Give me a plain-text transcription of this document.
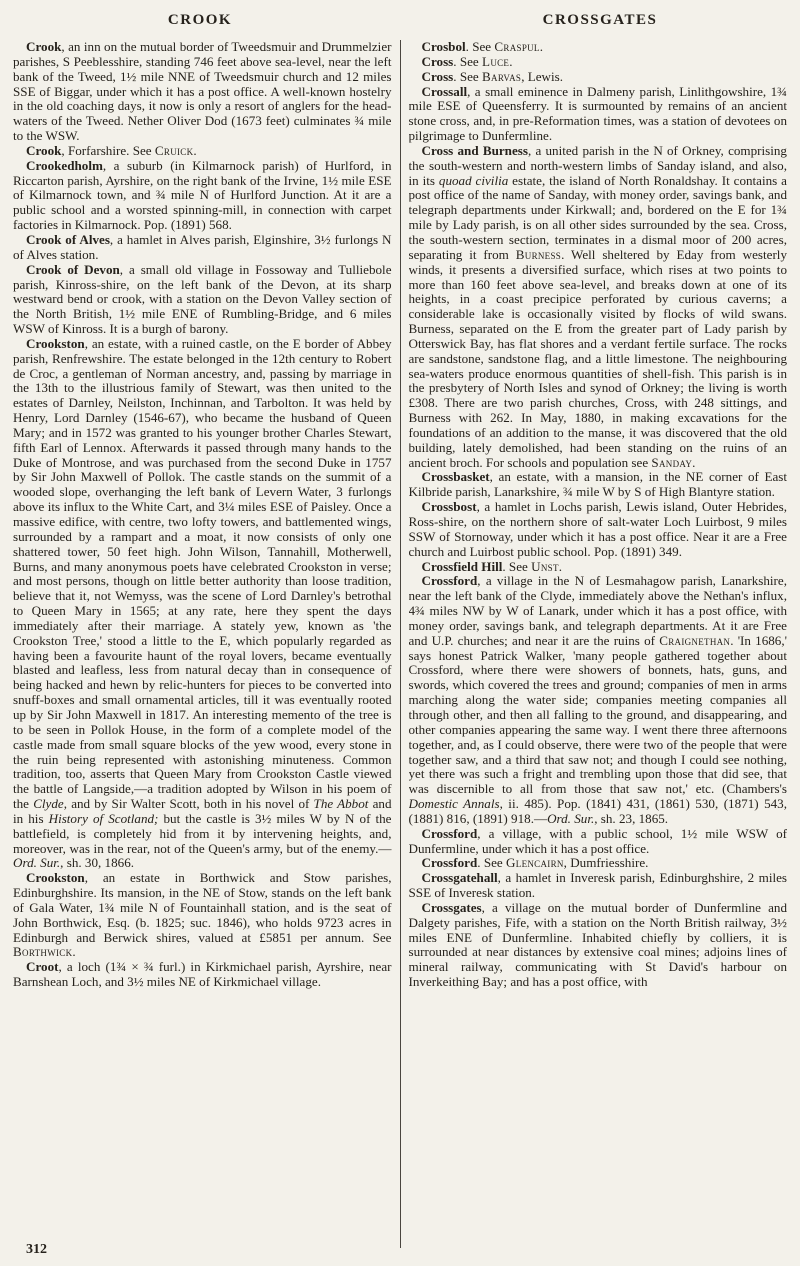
CROOK	CROSSGATES

Crook, an inn on the mutual border of Tweedsmuir and Drummelzier parishes, S Peeblesshire, standing 746 feet above sea-level, near the left bank of the Tweed, 1½ mile NNE of Tweedsmuir church and 12 miles SSE of Biggar, under which it has a post office. A well-known hostelry in the old coaching days, it now is only a resort of anglers for the head-waters of the Tweed. Nether Oliver Dod (1673 feet) culminates ¾ mile to the WSW.

Crook, Forfarshire. See Cruick.

Crookedholm, a suburb (in Kilmarnock parish) of Hurlford, in Riccarton parish, Ayrshire, on the right bank of the Irvine, 1½ mile ESE of Kilmarnock town, and ¾ mile N of Hurlford Junction. At it are a public school and a worsted spinning-mill, in connection with carpet factories in Kilmarnock. Pop. (1891) 568.

Crook of Alves, a hamlet in Alves parish, Elginshire, 3½ furlongs N of Alves station.

Crook of Devon, a small old village in Fossoway and Tulliebole parish, Kinross-shire, on the left bank of the Devon, at its sharp westward bend or crook, with a station on the Devon Valley section of the North British, 1½ mile ENE of Rumbling-Bridge, and 6 miles WSW of Kinross. It is a burgh of barony.

Crookston, an estate, with a ruined castle, on the E border of Abbey parish, Renfrewshire. The estate belonged in the 12th century to Robert de Croc, a gentleman of Norman ancestry, and, passing by marriage in the 13th to the illustrious family of Stewart, was then united to the estates of Darnley, Neilston, Inchinnan, and Tarbolton. It was held by Henry, Lord Darnley (1546-67), who became the husband of Queen Mary; and in 1572 was granted to his younger brother Charles Stewart, fifth Earl of Lennox. Afterwards it passed through many hands to the Duke of Montrose, and was purchased from the second Duke in 1757 by Sir John Maxwell of Pollok. The castle stands on the summit of a wooded slope, overhanging the left bank of Levern Water, 3 furlongs above its influx to the White Cart, and 3¼ miles ESE of Paisley. Once a massive edifice, with centre, two lofty towers, and battlemented wings, surrounded by a rampart and a moat, it now consists of only one shattered tower, 50 feet high. John Wilson, Tannahill, Motherwell, Burns, and many anonymous poets have celebrated Crookston in verse; and most persons, though on little better authority than loose tradition, believe that it, not Wemyss, was the scene of Lord Darnley's betrothal to Queen Mary in 1565; at any rate, here they spent the days immediately after their marriage. A stately yew, known as 'the Crookston Tree,' stood a little to the E, which popularly regarded as having been a favourite haunt of the royal lovers, became eventually blasted and leafless, less from natural decay than in consequence of being hacked and hewn by relic-hunters for pieces to be converted into snuff-boxes and small ornamental articles, till it was eventually rooted up by Sir John Maxwell in 1817. An interesting memento of the tree is to be seen in Pollok House, in the form of a complete model of the castle made from small square blocks of the yew wood, every stone in the ruin being represented with astonishing minuteness. Common tradition, too, asserts that Queen Mary from Crookston Castle viewed the battle of Langside,—a tradition adopted by Wilson in his poem of the Clyde, and by Sir Walter Scott, both in his novel of The Abbot and in his History of Scotland; but the castle is 3½ miles W by N of the battlefield, is completely hid from it by intervening heights, and, moreover, was in the rear, not of the Queen's army, but of the enemy.—Ord. Sur., sh. 30, 1866.

Crookston, an estate in Borthwick and Stow parishes, Edinburghshire. Its mansion, in the NE of Stow, stands on the left bank of Gala Water, 1¾ mile N of Fountainhall station, and is the seat of John Borthwick, Esq. (b. 1825; suc. 1846), who holds 9723 acres in Edinburgh and Berwick shires, valued at £5851 per annum. See Borthwick.

Croot, a loch (1¾ × ¾ furl.) in Kirkmichael parish, Ayrshire, near Barnshean Loch, and 3½ miles NE of Kirkmichael village.

Crosbol. See Craspul.

Cross. See Luce.

Cross. See Barvas, Lewis.

Crossall, a small eminence in Dalmeny parish, Linlithgowshire, 1¾ mile ESE of Queensferry. It is surmounted by remains of an ancient stone cross, and, in pre-Reformation times, was a station of devotees on pilgrimage to Dunfermline.

Cross and Burness, a united parish in the N of Orkney, comprising the south-western and north-western limbs of Sanday island, and also, in its quoad civilia estate, the island of North Ronaldshay. It contains a post office of the name of Sanday, with money order, savings bank, and telegraph departments under Kirkwall; and, bordered on the E for 1¾ mile by Lady parish, is on all other sides surrounded by the sea. Cross, the south-western section, terminates in a dismal moor of 200 acres, separating it from Burness. Well sheltered by Eday from westerly winds, it presents a diversified surface, which rises at two points to more than 160 feet above sea-level, and breaks down at one of its heights, in a coast precipice perforated by curious caverns; a considerable lake is occasionally visited by flocks of wild swans. Burness, separated on the E from the greater part of Lady parish by Otterswick Bay, has flat shores and a verdant fertile surface. The rocks are sandstone, sandstone flag, and a little limestone. The neighbouring sea-waters produce enormous quantities of shell-fish. This parish is in the presbytery of North Isles and synod of Orkney; the living is worth £308. There are two parish churches, Cross, with 248 sittings, and Burness with 262. In May, 1880, in making excavations for the foundations of an addition to the manse, it was discovered that the old building, lately demolished, had been standing on the ruins of an ancient broch. For schools and population see Sanday.

Crossbasket, an estate, with a mansion, in the NE corner of East Kilbride parish, Lanarkshire, ¾ mile W by S of High Blantyre station.

Crossbost, a hamlet in Lochs parish, Lewis island, Outer Hebrides, Ross-shire, on the northern shore of salt-water Loch Luirbost, 9 miles SSW of Stornoway, under which it has a post office. Near it are a Free church and Luirbost public school. Pop. (1891) 349.

Crossfield Hill. See Unst.

Crossford, a village in the N of Lesmahagow parish, Lanarkshire, near the left bank of the Clyde, immediately above the Nethan's influx, 4¾ miles NW by W of Lanark, under which it has a post office, with money order, savings bank, and telegraph departments. At it are Free and U.P. churches; and near it are the ruins of Craignethan. 'In 1686,' says honest Patrick Walker, 'many people gathered together about Crossford, where there were showers of bonnets, hats, guns, and swords, which covered the trees and ground; companies of men in arms marching along the water side; companies meeting companies all through other, and then all falling to the ground, and disappearing, and other companies appearing the same way. I went there three afternoons together, and, as I could observe, there were two of the people that were together saw, and a third that saw not; and though I could see nothing, yet there was such a fright and trembling upon those that did see, that was discernible to all from those that saw not,' etc. (Chambers's Domestic Annals, ii. 485). Pop. (1841) 431, (1861) 530, (1871) 543, (1881) 816, (1891) 918.—Ord. Sur., sh. 23, 1865.

Crossford, a village, with a public school, 1½ mile WSW of Dunfermline, under which it has a post office.

Crossford. See Glencairn, Dumfriesshire.

Crossgatehall, a hamlet in Inveresk parish, Edinburghshire, 2 miles SSE of Inveresk station.

Crossgates, a village on the mutual border of Dunfermline and Dalgety parishes, Fife, with a station on the North British railway, 3½ miles ENE of Dunfermline. Inhabited chiefly by colliers, it is surrounded at near distances by extensive coal mines; adjoins lines of mineral railway, communicating with St David's harbour on Inverkeithing Bay; and has a post office, with

312
